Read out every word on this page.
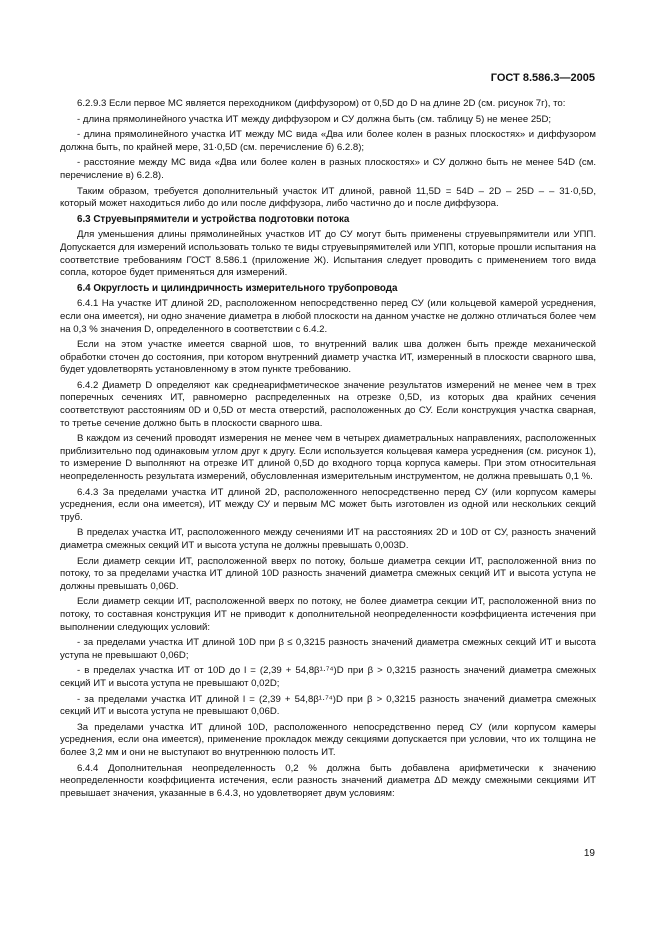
ГОСТ 8.586.3—2005

6.2.9.3 Если первое МС является переходником (диффузором) от 0,5D до D на длине 2D (см. рисунок 7г), то:

- длина прямолинейного участка ИТ между диффузором и СУ должна быть (см. таблицу 5) не менее 25D;

- длина прямолинейного участка ИТ между МС вида «Два или более колен в разных плоскостях» и диффузором должна быть, по крайней мере, 31·0,5D (см. перечисление б) 6.2.8);

- расстояние между МС вида «Два или более колен в разных плоскостях» и СУ должно быть не менее 54D (см. перечисление в) 6.2.8).

Таким образом, требуется дополнительный участок ИТ длиной, равной 11,5D = 54D – 2D – 25D – – 31·0,5D, который может находиться либо до или после диффузора, либо частично до и после диффузора.

6.3 Струевыпрямители и устройства подготовки потока

Для уменьшения длины прямолинейных участков ИТ до СУ могут быть применены струевыпрямители или УПП. Допускается для измерений использовать только те виды струевыпрямителей или УПП, которые прошли испытания на соответствие требованиям ГОСТ 8.586.1 (приложение Ж). Испытания следует проводить с применением того вида сопла, которое будет применяться для измерений.

6.4 Округлость и цилиндричность измерительного трубопровода

6.4.1 На участке ИТ длиной 2D, расположенном непосредственно перед СУ (или кольцевой камерой усреднения, если она имеется), ни одно значение диаметра в любой плоскости на данном участке не должно отличаться более чем на 0,3 % значения D, определенного в соответствии с 6.4.2.

Если на этом участке имеется сварной шов, то внутренний валик шва должен быть прежде механической обработки сточен до состояния, при котором внутренний диаметр участка ИТ, измеренный в плоскости сварного шва, будет удовлетворять установленному в этом пункте требованию.

6.4.2 Диаметр D определяют как среднеарифметическое значение результатов измерений не менее чем в трех поперечных сечениях ИТ, равномерно распределенных на отрезке 0,5D, из которых два крайних сечения соответствуют расстояниям 0D и 0,5D от места отверстий, расположенных до СУ. Если конструкция участка сварная, то третье сечение должно быть в плоскости сварного шва.

В каждом из сечений проводят измерения не менее чем в четырех диаметральных направлениях, расположенных приблизительно под одинаковым углом друг к другу. Если используется кольцевая камера усреднения (см. рисунок 1), то измерение D выполняют на отрезке ИТ длиной 0,5D до входного торца корпуса камеры. При этом относительная неопределенность результата измерений, обусловленная измерительным инструментом, не должна превышать 0,1 %.

6.4.3 За пределами участка ИТ длиной 2D, расположенного непосредственно перед СУ (или корпусом камеры усреднения, если она имеется), ИТ между СУ и первым МС может быть изготовлен из одной или нескольких секций труб.

В пределах участка ИТ, расположенного между сечениями ИТ на расстояниях 2D и 10D от СУ, разность значений диаметра смежных секций ИТ и высота уступа не должны превышать 0,003D.

Если диаметр секции ИТ, расположенной вверх по потоку, больше диаметра секции ИТ, расположенной вниз по потоку, то за пределами участка ИТ длиной 10D разность значений диаметра смежных секций ИТ и высота уступа не должны превышать 0,06D.

Если диаметр секции ИТ, расположенной вверх по потоку, не более диаметра секции ИТ, расположенной вниз по потоку, то составная конструкция ИТ не приводит к дополнительной неопределенности коэффициента истечения при выполнении следующих условий:

- за пределами участка ИТ длиной 10D при β ≤ 0,3215 разность значений диаметра смежных секций ИТ и высота уступа не превышают 0,06D;

- в пределах участка ИТ от 10D до l = (2,39 + 54,8β¹·⁷⁴)D при β > 0,3215 разность значений диаметра смежных секций ИТ и высота уступа не превышают 0,02D;

- за пределами участка ИТ длиной l = (2,39 + 54,8β¹·⁷⁴)D при β > 0,3215 разность значений диаметра смежных секций ИТ и высота уступа не превышают 0,06D.

За пределами участка ИТ длиной 10D, расположенного непосредственно перед СУ (или корпусом камеры усреднения, если она имеется), применение прокладок между секциями допускается при условии, что их толщина не более 3,2 мм и они не выступают во внутреннюю полость ИТ.

6.4.4 Дополнительная неопределенность 0,2 % должна быть добавлена арифметически к значению неопределенности коэффициента истечения, если разность значений диаметра ΔD между смежными секциями ИТ превышает значения, указанные в 6.4.3, но удовлетворяет двум условиям:

19
